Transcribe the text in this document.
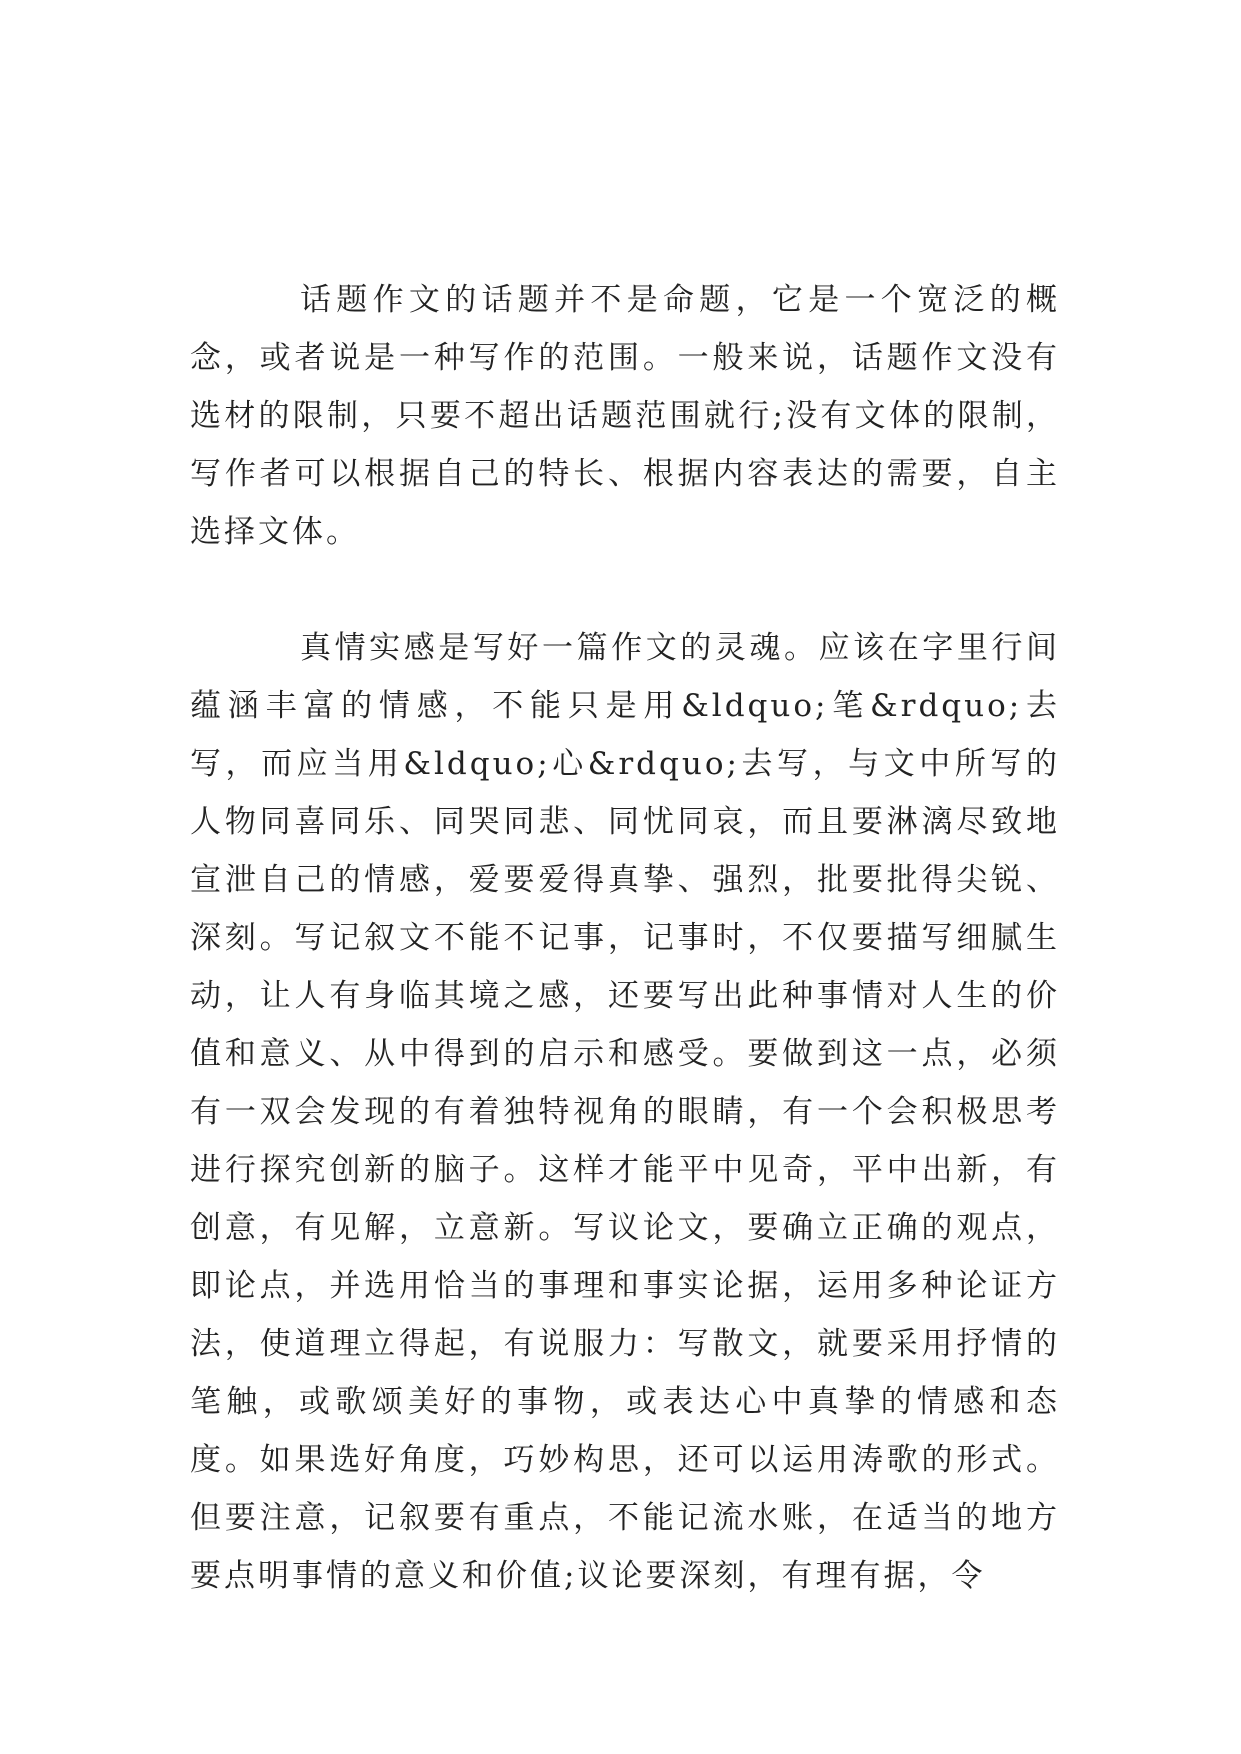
话题作文的话题并不是命题，它是一个宽泛的概念，或者说是一种写作的范围。一般来说，话题作文没有选材的限制，只要不超出话题范围就行;没有文体的限制，写作者可以根据自己的特长、根据内容表达的需要，自主选择文体。

真情实感是写好一篇作文的灵魂。应该在字里行间蕴涵丰富的情感，不能只是用&ldquo;笔&rdquo;去写，而应当用&ldquo;心&rdquo;去写，与文中所写的人物同喜同乐、同哭同悲、同忧同哀，而且要淋漓尽致地宣泄自己的情感，爱要爱得真挚、强烈，批要批得尖锐、深刻。写记叙文不能不记事，记事时，不仅要描写细腻生动，让人有身临其境之感，还要写出此种事情对人生的价值和意义、从中得到的启示和感受。要做到这一点，必须有一双会发现的有着独特视角的眼睛，有一个会积极思考进行探究创新的脑子。这样才能平中见奇，平中出新，有创意，有见解，立意新。写议论文，要确立正确的观点，即论点，并选用恰当的事理和事实论据，运用多种论证方法，使道理立得起，有说服力：写散文，就要采用抒情的笔触，或歌颂美好的事物，或表达心中真挚的情感和态度。如果选好角度，巧妙构思，还可以运用涛歌的形式。但要注意，记叙要有重点，不能记流水账，在适当的地方要点明事情的意义和价值;议论要深刻，有理有据，令
